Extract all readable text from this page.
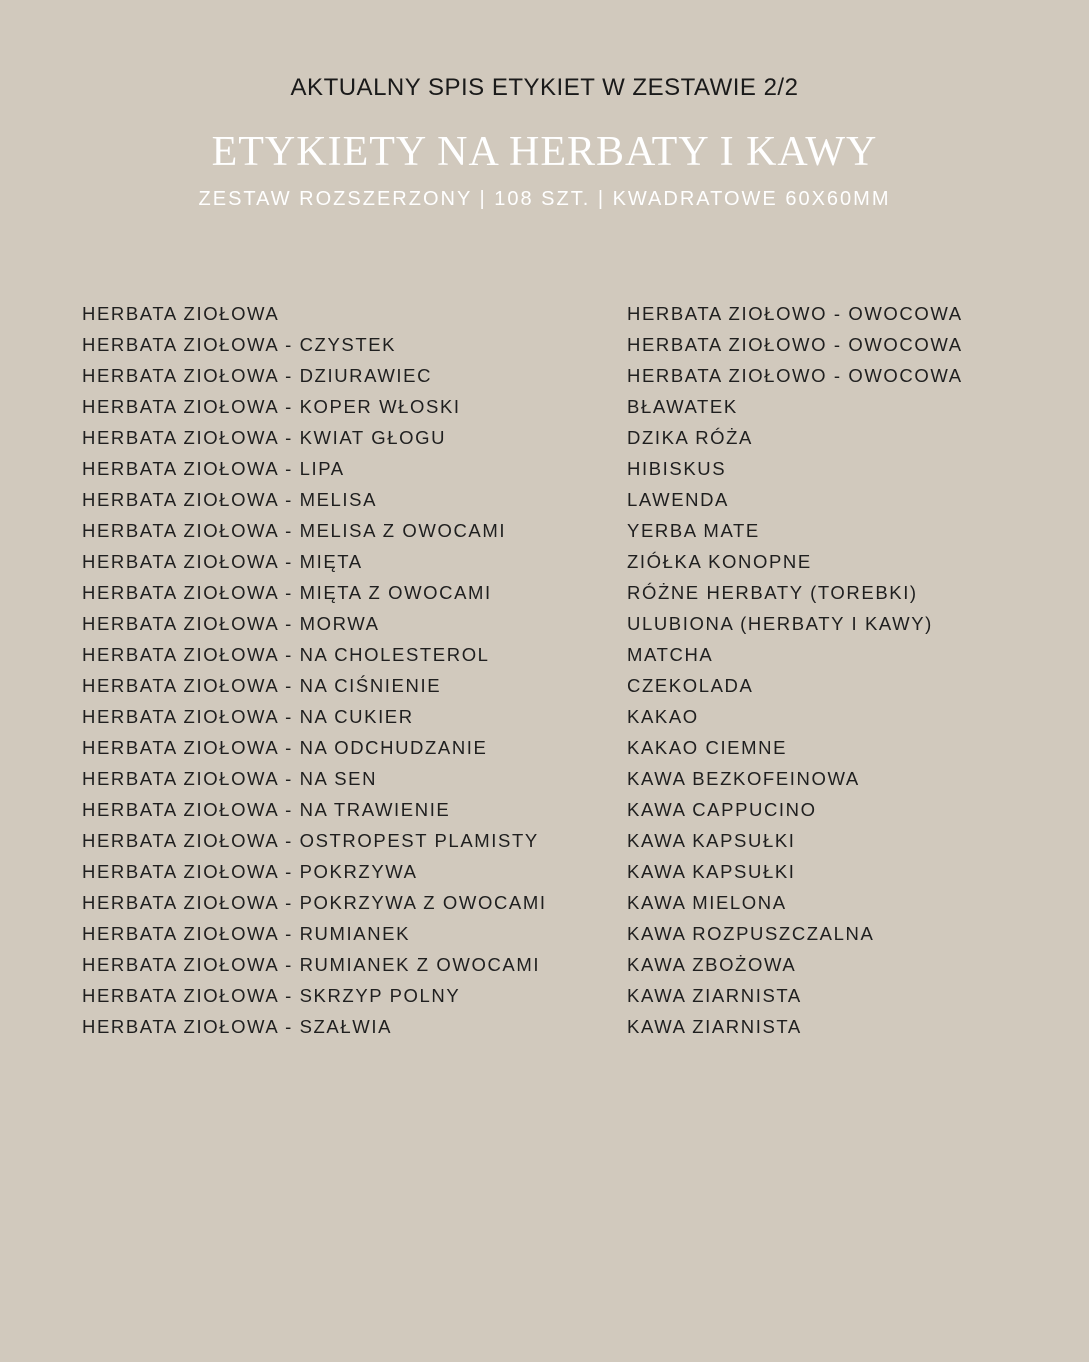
AKTUALNY SPIS ETYKIET W ZESTAWIE 2/2
ETYKIETY NA HERBATY I KAWY
ZESTAW ROZSZERZONY | 108 SZT. | KWADRATOWE 60X60MM
HERBATA ZIOŁOWA
HERBATA ZIOŁOWA - CZYSTEK
HERBATA ZIOŁOWA - DZIURAWIEC
HERBATA ZIOŁOWA - KOPER WŁOSKI
HERBATA ZIOŁOWA - KWIAT GŁOGU
HERBATA ZIOŁOWA - LIPA
HERBATA ZIOŁOWA - MELISA
HERBATA ZIOŁOWA - MELISA Z OWOCAMI
HERBATA ZIOŁOWA - MIĘTA
HERBATA ZIOŁOWA - MIĘTA Z OWOCAMI
HERBATA ZIOŁOWA - MORWA
HERBATA ZIOŁOWA - NA CHOLESTEROL
HERBATA ZIOŁOWA - NA CIŚNIENIE
HERBATA ZIOŁOWA - NA CUKIER
HERBATA ZIOŁOWA - NA ODCHUDZANIE
HERBATA ZIOŁOWA - NA SEN
HERBATA ZIOŁOWA - NA TRAWIENIE
HERBATA ZIOŁOWA - OSTROPEST PLAMISTY
HERBATA ZIOŁOWA - POKRZYWA
HERBATA ZIOŁOWA - POKRZYWA Z OWOCAMI
HERBATA ZIOŁOWA - RUMIANEK
HERBATA ZIOŁOWA - RUMIANEK Z OWOCAMI
HERBATA ZIOŁOWA - SKRZYP POLNY
HERBATA ZIOŁOWA - SZAŁWIA
HERBATA ZIOŁOWO - OWOCOWA
HERBATA ZIOŁOWO - OWOCOWA
HERBATA ZIOŁOWO - OWOCOWA
BŁAWATEK
DZIKA RÓŻA
HIBISKUS
LAWENDA
YERBA MATE
ZIÓŁKA KONOPNE
RÓŻNE HERBATY (TOREBKI)
ULUBIONA (HERBATY I KAWY)
MATCHA
CZEKOLADA
KAKAO
KAKAO CIEMNE
KAWA BEZKOFEINOWA
KAWA CAPPUCINO
KAWA KAPSUŁKI
KAWA KAPSUŁKI
KAWA MIELONA
KAWA ROZPUSZCZALNA
KAWA ZBOŻOWA
KAWA ZIARNISTA
KAWA ZIARNISTA
